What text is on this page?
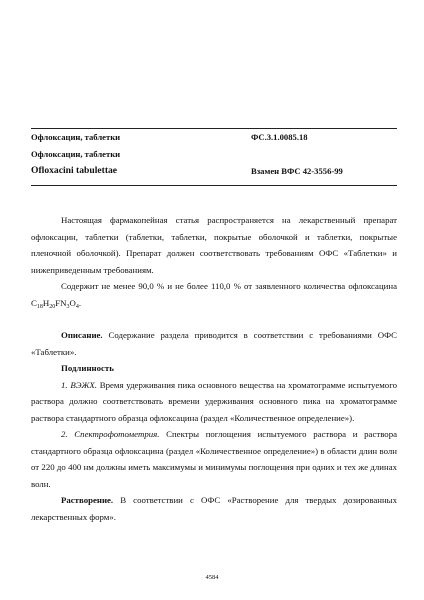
Офлоксацин, таблетки	ФС.3.1.0085.18
Офлоксацин, таблетки
Ofloxacini tabulettae	Взамен ВФС 42-3556-99

Настоящая фармакопейная статья распространяется на лекарственный препарат офлоксацин, таблетки (таблетки, таблетки, покрытые оболочкой и таблетки, покрытые пленочной оболочкой). Препарат должен соответствовать требованиям ОФС «Таблетки» и нижеприведенным требованиям.

Содержит не менее 90,0 % и не более 110,0 % от заявленного количества офлоксацина $C_{18}H_{20}FN_3O_4$.

Описание. Содержание раздела приводится в соответствии с требованиями ОФС «Таблетки».

Подлинность

1. ВЭЖХ. Время удерживания пика основного вещества на хроматограмме испытуемого раствора должно соответствовать времени удерживания основного пика на хроматограмме раствора стандартного образца офлоксацина (раздел «Количественное определение»).

2. Спектрофотометрия. Спектры поглощения испытуемого раствора и раствора стандартного образца офлоксацина (раздел «Количественное определение») в области длин волн от 220 до 400 нм должны иметь максимумы и минимумы поглощения при одних и тех же длинах волн.

Растворение. В соответствии с ОФС «Растворение для твердых дозированных лекарственных форм».

4584
